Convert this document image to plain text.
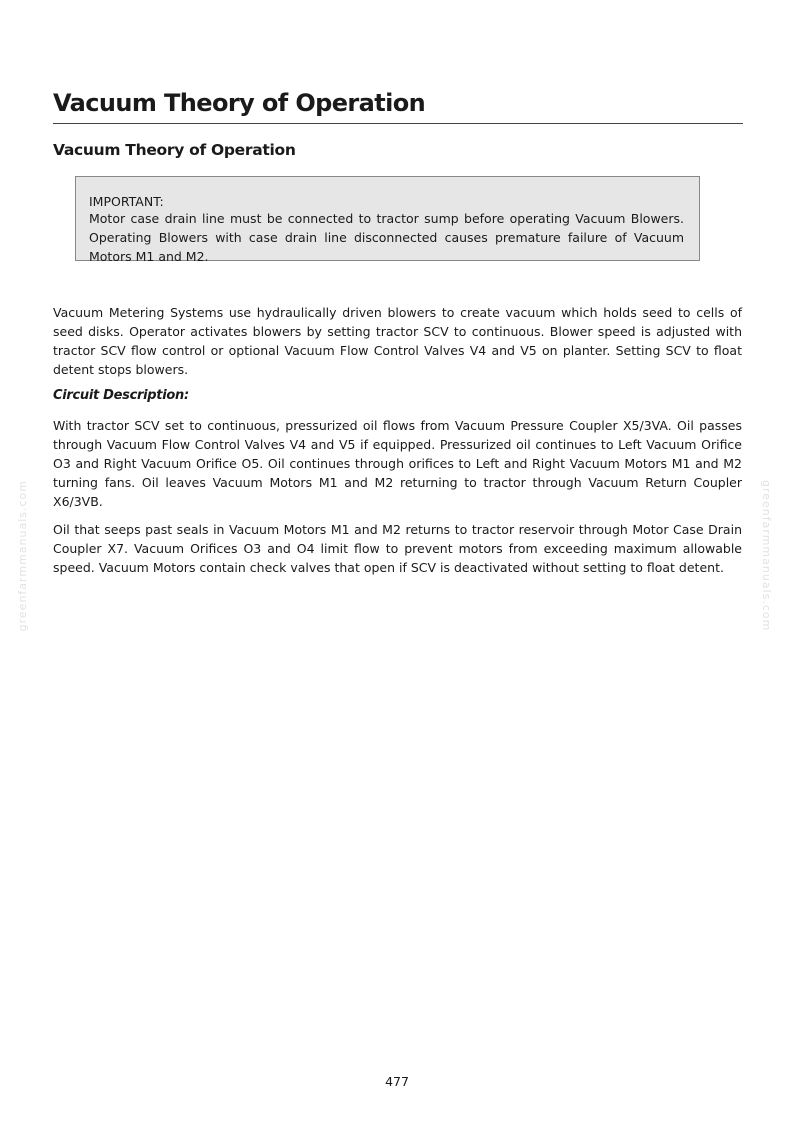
Vacuum Theory of Operation
Vacuum Theory of Operation
IMPORTANT:
Motor case drain line must be connected to tractor sump before operating Vacuum Blowers. Operating Blowers with case drain line disconnected causes premature failure of Vacuum Motors M1 and M2.
Vacuum Metering Systems use hydraulically driven blowers to create vacuum which holds seed to cells of seed disks. Operator activates blowers by setting tractor SCV to continuous. Blower speed is adjusted with tractor SCV flow control or optional Vacuum Flow Control Valves V4 and V5 on planter. Setting SCV to float detent stops blowers.
Circuit Description:
With tractor SCV set to continuous, pressurized oil flows from Vacuum Pressure Coupler X5/3VA. Oil passes through Vacuum Flow Control Valves V4 and V5 if equipped. Pressurized oil continues to Left Vacuum Orifice O3 and Right Vacuum Orifice O5. Oil continues through orifices to Left and Right Vacuum Motors M1 and M2 turning fans. Oil leaves Vacuum Motors M1 and M2 returning to tractor through Vacuum Return Coupler X6/3VB.
Oil that seeps past seals in Vacuum Motors M1 and M2 returns to tractor reservoir through Motor Case Drain Coupler X7. Vacuum Orifices O3 and O4 limit flow to prevent motors from exceeding maximum allowable speed. Vacuum Motors contain check valves that open if SCV is deactivated without setting to float detent.
greenfarmmanuals.com	greenfarmmanuals.com
477
